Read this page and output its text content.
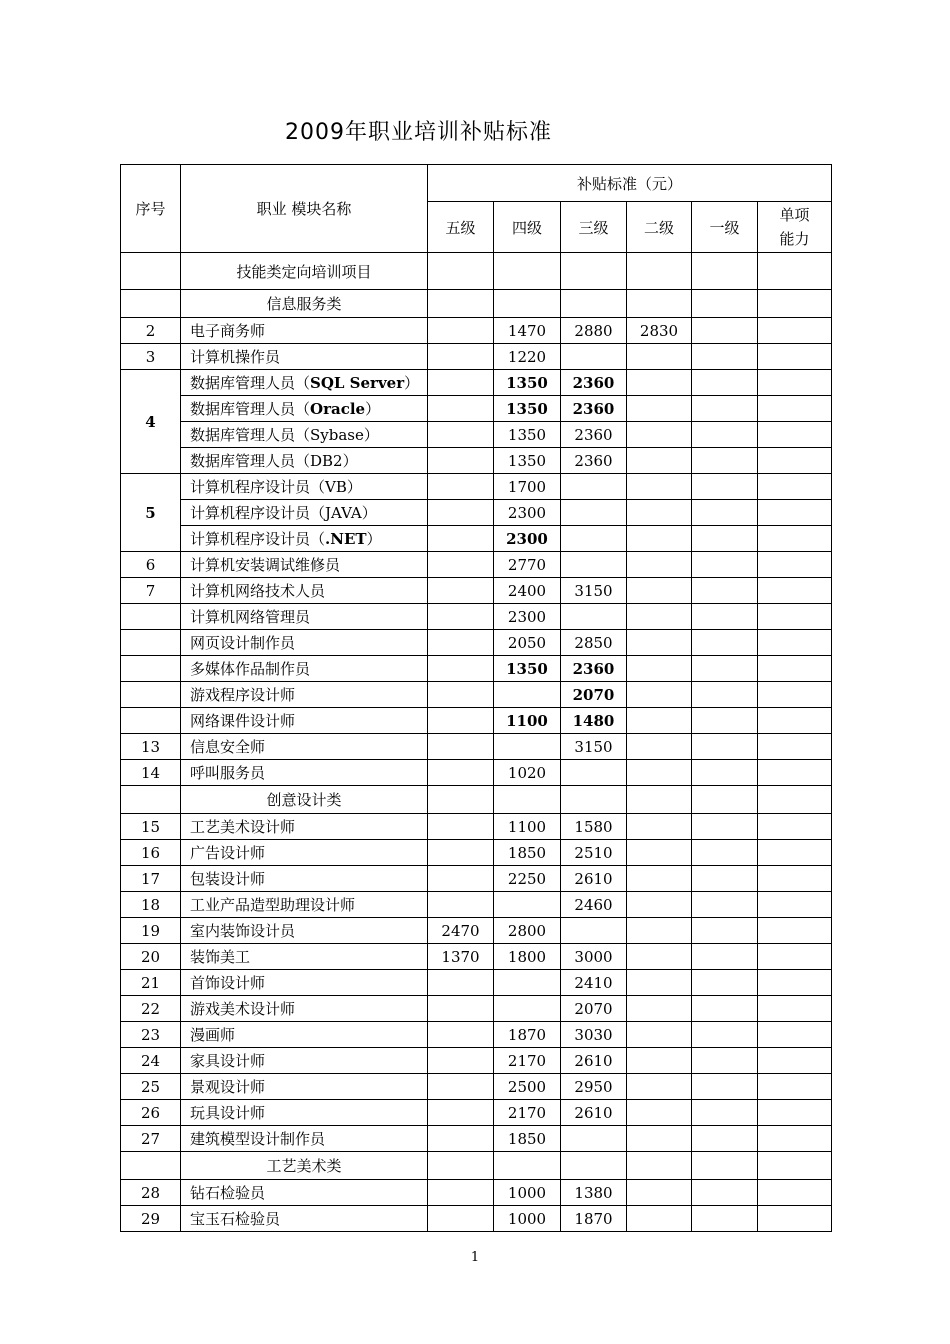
2009年职业培训补贴标准
序号	职业 模块名称	补贴标准（元）					
		五级	四级	三级	二级	一级	单项
能力
	技能类定向培训项目						
	信息服务类						
2	电子商务师		1470	2880	2830		
3	计算机操作员		1220				
4	数据库管理人员（SQL Server）		1350	2360			
	数据库管理人员（Oracle）		1350	2360			
	数据库管理人员（Sybase）		1350	2360			
	数据库管理人员（DB2）		1350	2360			
5	计算机程序设计员（VB）		1700				
	计算机程序设计员（JAVA）		2300				
	计算机程序设计员（.NET）		2300				
6	计算机安装调试维修员		2770				
7	计算机网络技术人员		2400	3150			
	计算机网络管理员		2300				
	网页设计制作员		2050	2850			
	多媒体作品制作员		1350	2360			
	游戏程序设计师			2070			
	网络课件设计师		1100	1480			
13	信息安全师			3150			
14	呼叫服务员		1020				
	创意设计类						
15	工艺美术设计师		1100	1580			
16	广告设计师		1850	2510			
17	包装设计师		2250	2610			
18	工业产品造型助理设计师			2460			
19	室内装饰设计员	2470	2800				
20	装饰美工	1370	1800	3000			
21	首饰设计师			2410			
22	游戏美术设计师			2070			
23	漫画师		1870	3030			
24	家具设计师		2170	2610			
25	景观设计师		2500	2950			
26	玩具设计师		2170	2610			
27	建筑模型设计制作员		1850				
	工艺美术类						
28	钻石检验员		1000	1380			
29	宝玉石检验员		1000	1870			
1
